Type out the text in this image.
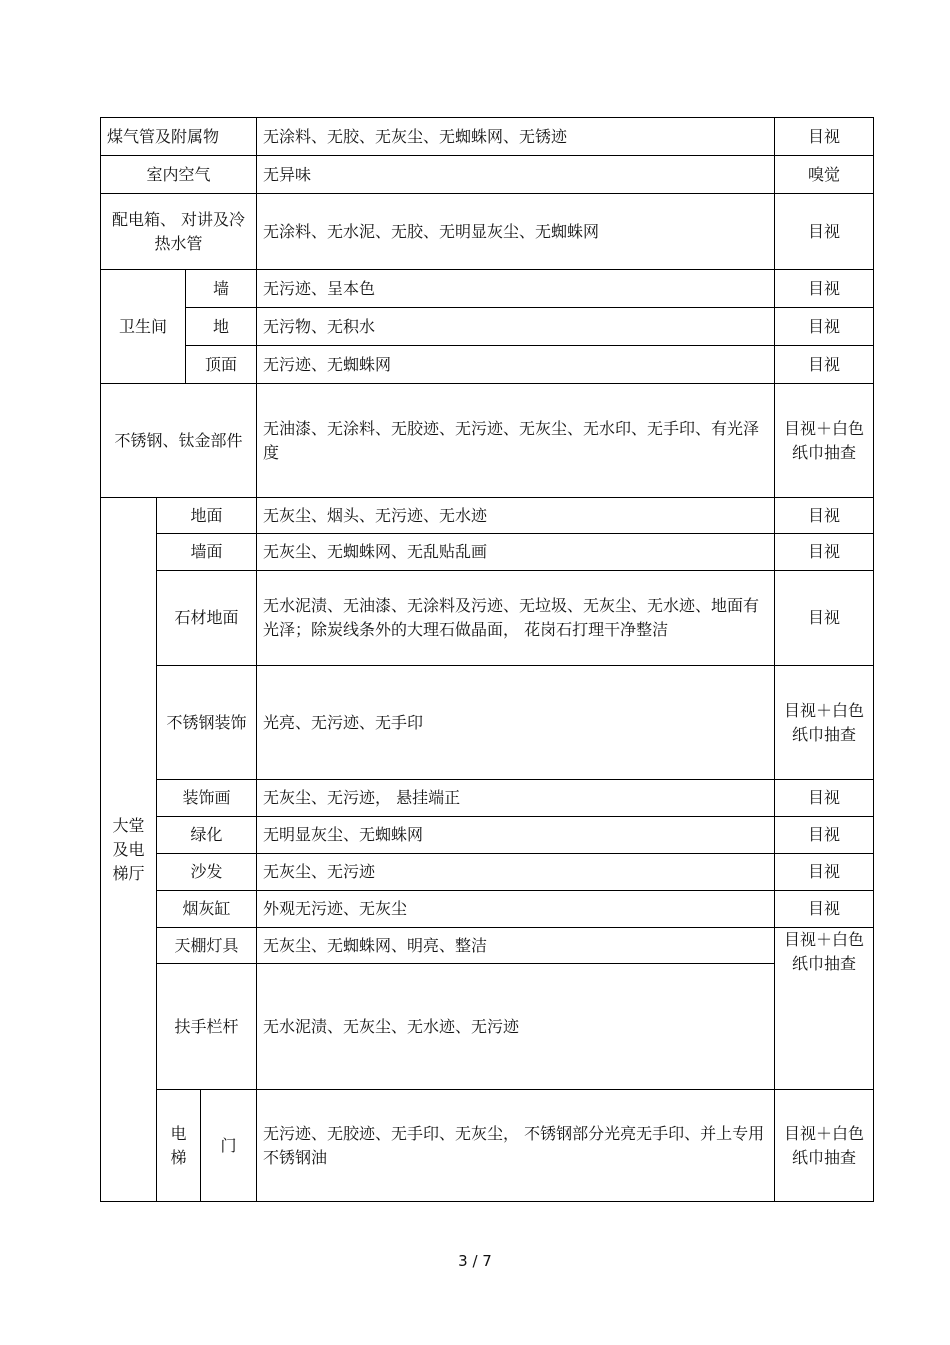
煤气管及附属物				无涂料、无胶、无灰尘、无蜘蛛网、无锈迹	目视
室内空气				无异味	嗅觉
配电箱、 对讲及冷热水管				无涂料、无水泥、无胶、无明显灰尘、无蜘蛛网	目视
卫生间		墙		无污迹、呈本色	目视
		地		无污物、无积水	目视
		顶面		无污迹、无蜘蛛网	目视
不锈钢、钛金部件				无油漆、无涂料、无胶迹、无污迹、无灰尘、无水印、无手印、有光泽度	目视＋白色纸巾抽查
大堂及电梯厅	地面			无灰尘、烟头、无污迹、无水迹	目视
	墙面			无灰尘、无蜘蛛网、无乱贴乱画	目视
	石材地面			无水泥渍、无油漆、无涂料及污迹、无垃圾、无灰尘、无水迹、地面有光泽；除炭线条外的大理石做晶面， 花岗石打理干净整洁	目视
	不锈钢装饰			光亮、无污迹、无手印	目视＋白色纸巾抽查
	装饰画			无灰尘、无污迹， 悬挂端正	目视
	绿化			无明显灰尘、无蜘蛛网	目视
	沙发			无灰尘、无污迹	目视
	烟灰缸			外观无污迹、无灰尘	目视
	天棚灯具			无灰尘、无蜘蛛网、明亮、整洁	目视＋白色纸巾抽查
	扶手栏杆			无水泥渍、无灰尘、无水迹、无污迹	
	电梯		门	无污迹、无胶迹、无手印、无灰尘， 不锈钢部分光亮无手印、并上专用不锈钢油	目视＋白色纸巾抽查
3 / 7
